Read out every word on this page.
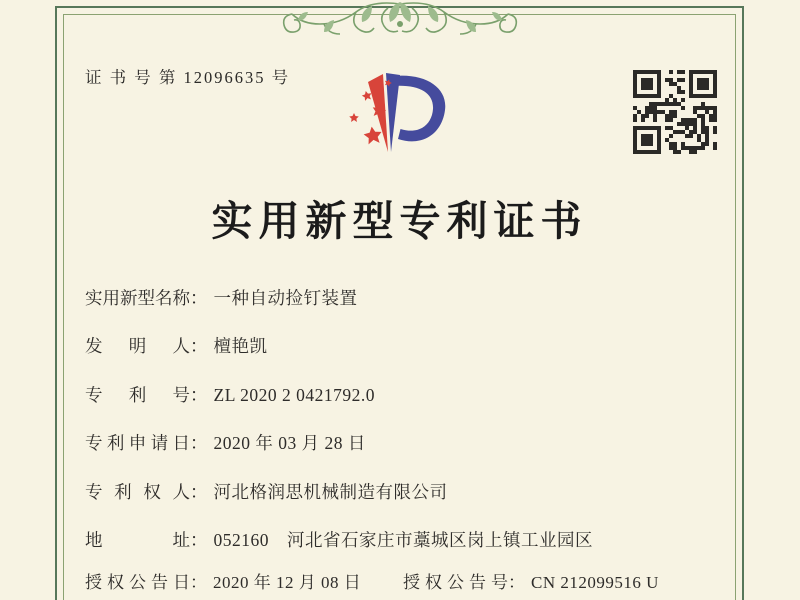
证 书 号 第 12096635 号
实用新型专利证书
实用新型名称： 一种自动捡钉装置
发明人： 檀艳凯
专利号： ZL 2020 2 0421792.0
专利申请日： 2020 年 03 月 28 日
专利权人： 河北格润思机械制造有限公司
地址： 052160　河北省石家庄市藁城区岗上镇工业园区
授权公告日： 2020 年 12 月 08 日 授权公告号： CN 212099516 U
